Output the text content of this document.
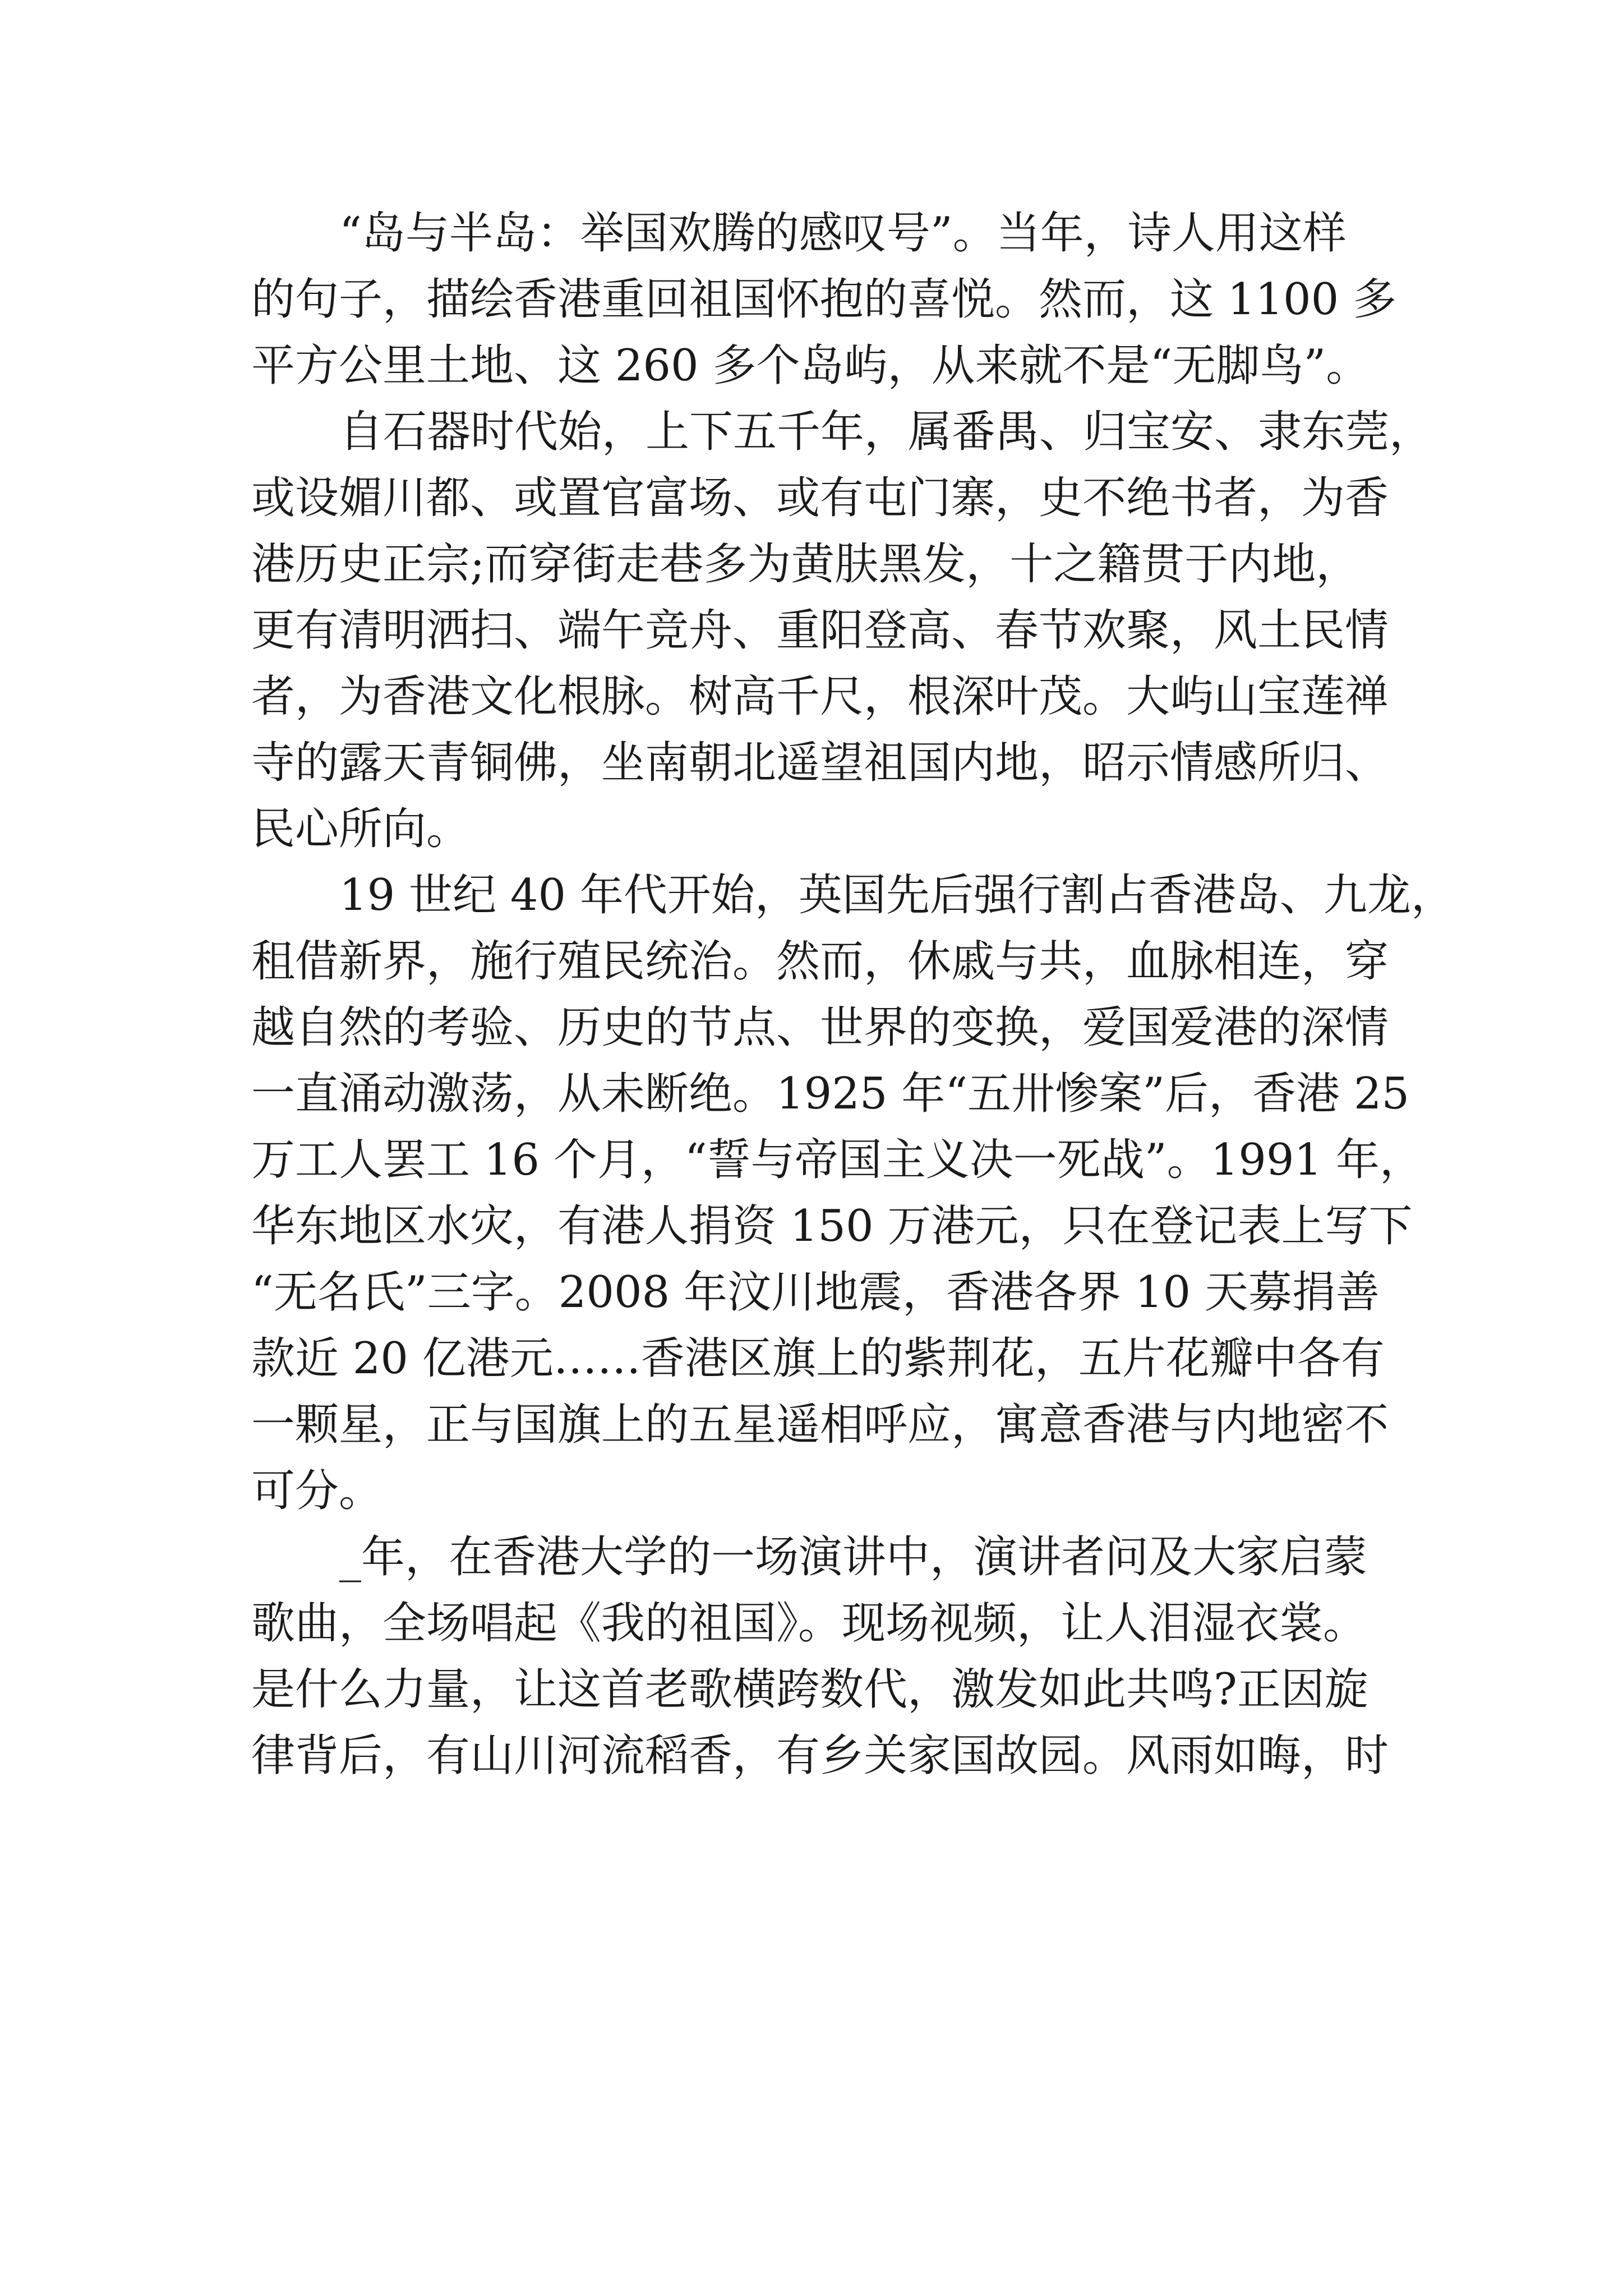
“岛与半岛：举国欢腾的感叹号”。当年，诗人用这样

的句子，描绘香港重回祖国怀抱的喜悦。然而，这 1100 多

平方公里土地、这 260 多个岛屿，从来就不是“无脚鸟”。

自石器时代始，上下五千年，属番禺、归宝安、隶东莞，

或设媚川都、或置官富场、或有屯门寨，史不绝书者，为香

港历史正宗;而穿街走巷多为黄肤黑发，十之籍贯于内地，

更有清明洒扫、端午竞舟、重阳登高、春节欢聚，风土民情

者，为香港文化根脉。树高千尺，根深叶茂。大屿山宝莲禅

寺的露天青铜佛，坐南朝北遥望祖国内地，昭示情感所归、

民心所向。

19 世纪 40 年代开始，英国先后强行割占香港岛、九龙，

租借新界，施行殖民统治。然而，休戚与共，血脉相连，穿

越自然的考验、历史的节点、世界的变换，爱国爱港的深情

一直涌动激荡，从未断绝。1925 年“五卅惨案”后，香港 25

万工人罢工 16 个月，“誓与帝国主义决一死战”。1991 年，

华东地区水灾，有港人捐资 150 万港元，只在登记表上写下

“无名氏”三字。2008 年汶川地震，香港各界 10 天募捐善

款近 20 亿港元……香港区旗上的紫荆花，五片花瓣中各有

一颗星，正与国旗上的五星遥相呼应，寓意香港与内地密不

可分。

_年，在香港大学的一场演讲中，演讲者问及大家启蒙

歌曲，全场唱起《我的祖国》。现场视频，让人泪湿衣裳。

是什么力量，让这首老歌横跨数代，激发如此共鸣?正因旋

律背后，有山川河流稻香，有乡关家国故园。风雨如晦，时
